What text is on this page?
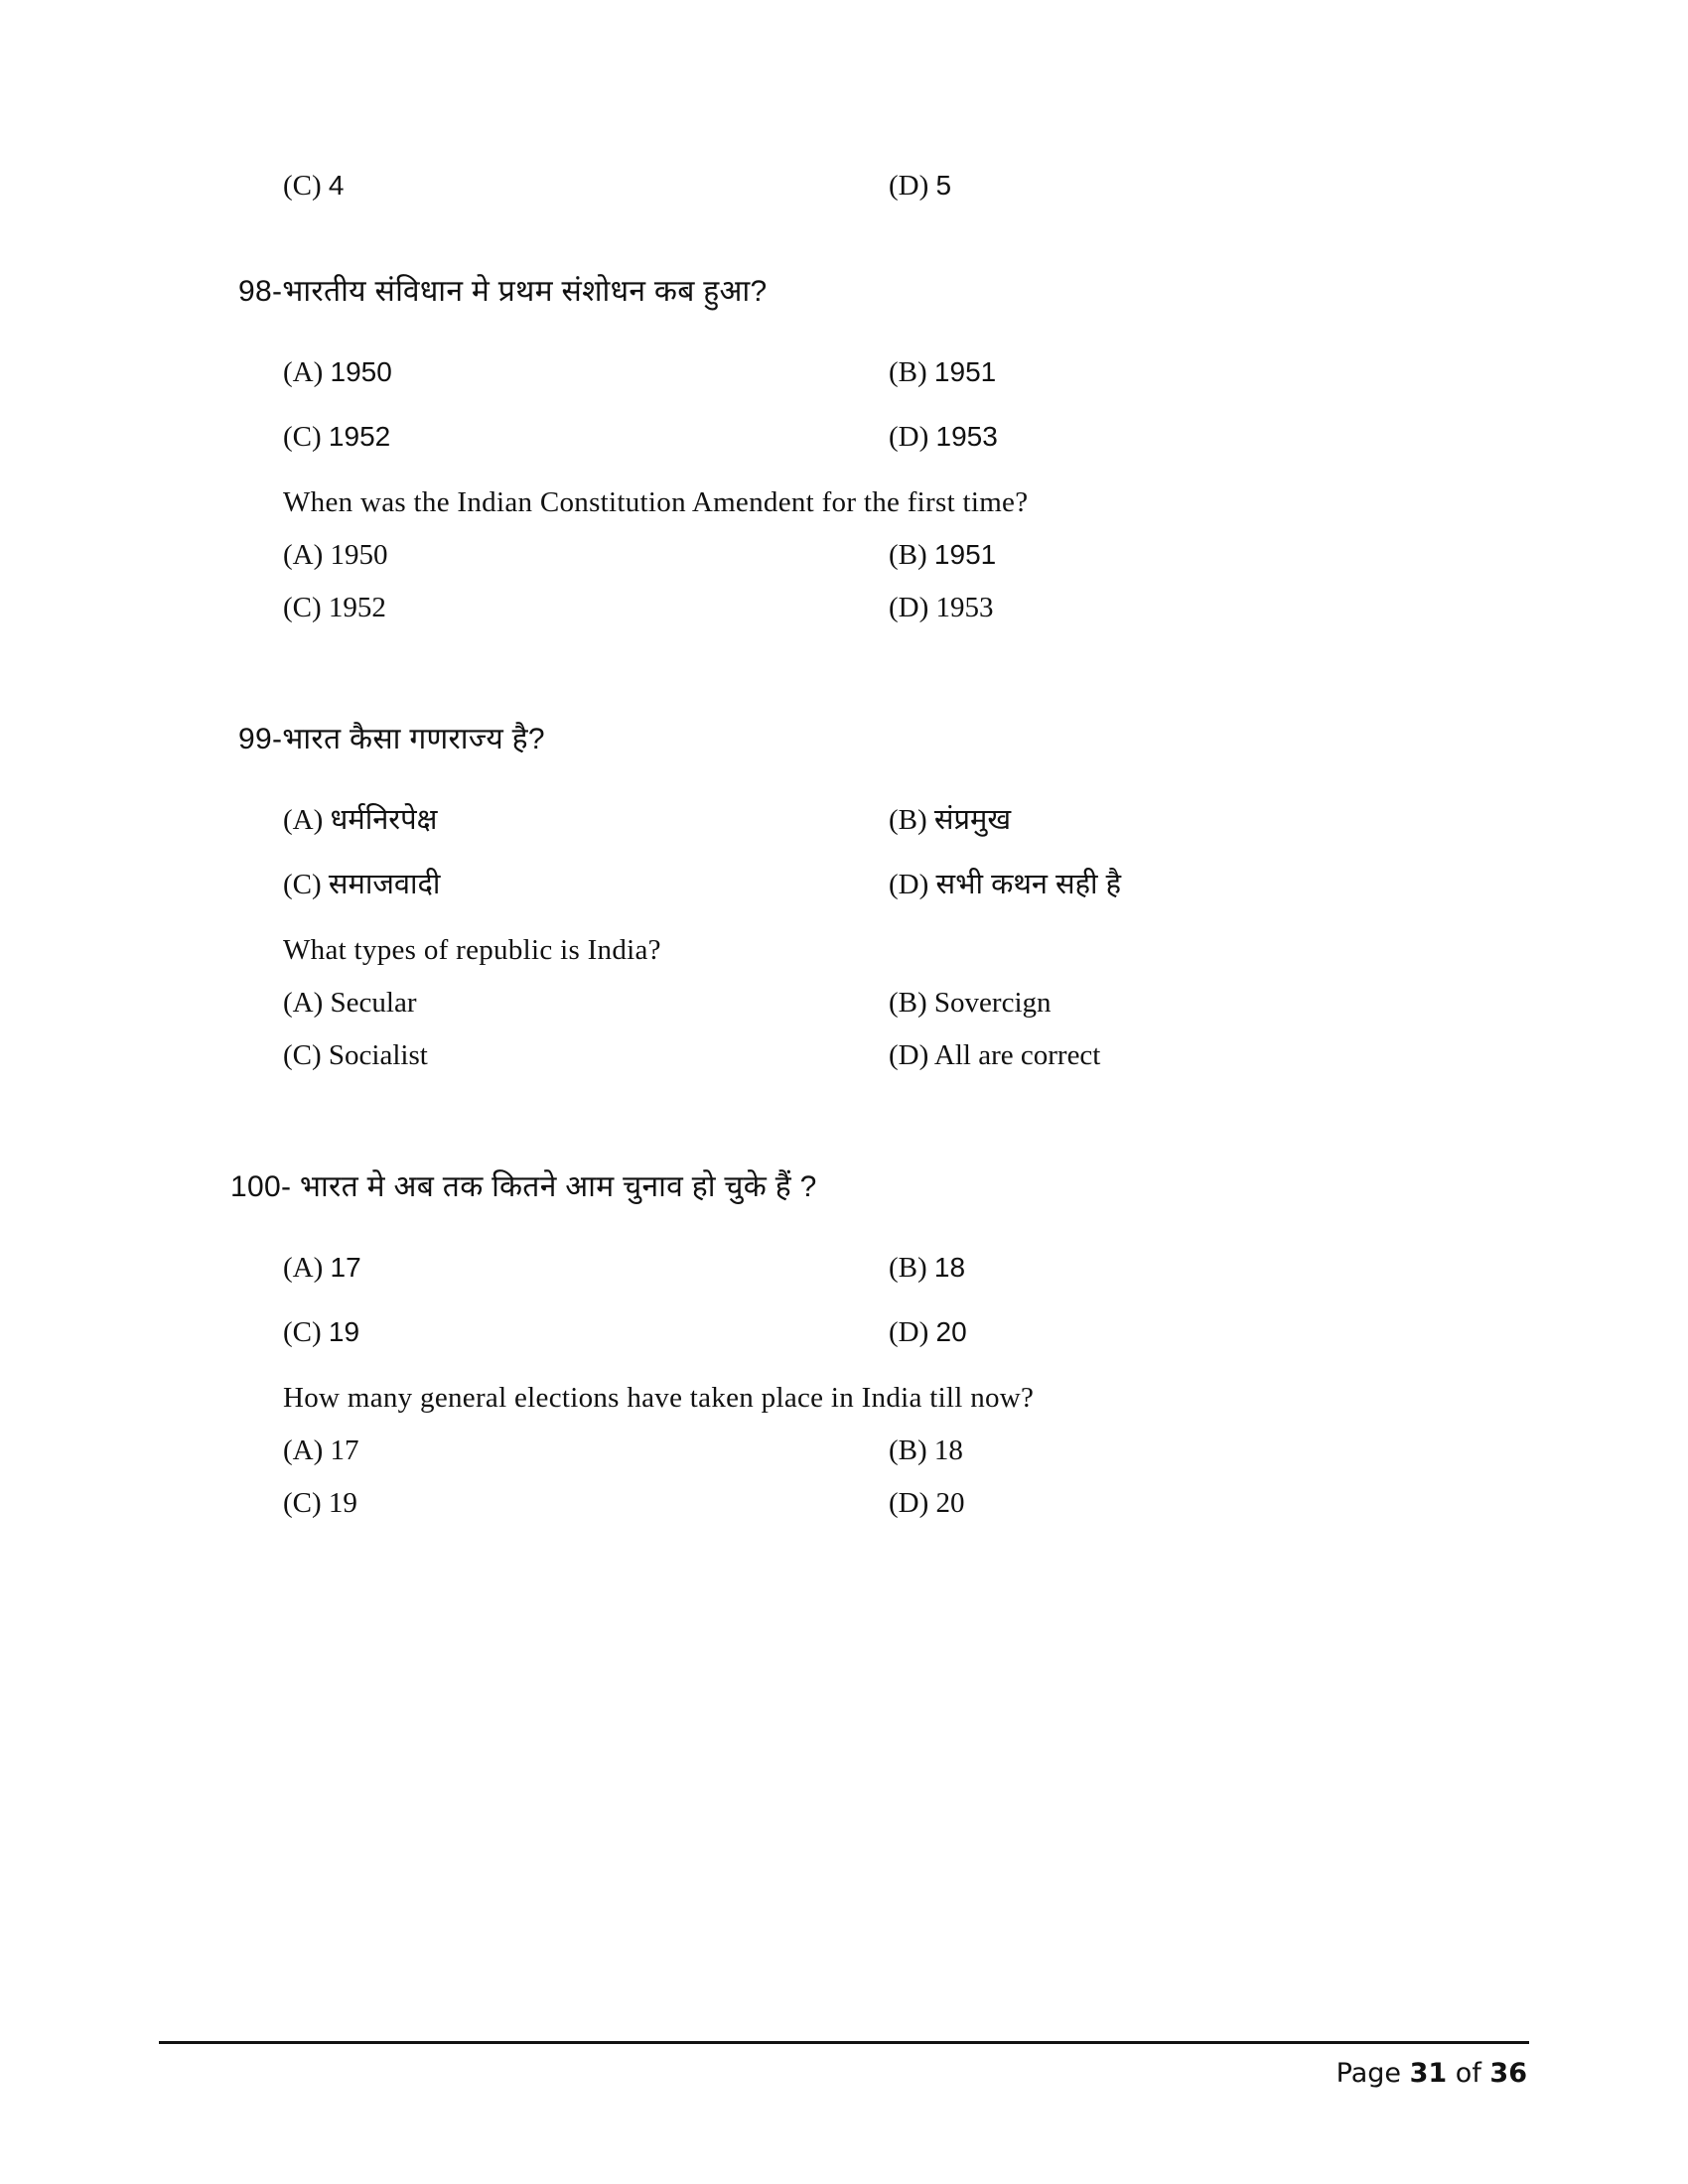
(C) 4	(D) 5
98-भारतीय संविधान मे प्रथम संशोधन कब हुआ?
(A) 1950	(B) 1951
(C) 1952	(D) 1953
When was the Indian Constitution Amendent for the first time?
(A) 1950	(B) 1951
(C) 1952	(D) 1953
99-भारत कैसा गणराज्य है?
(A) धर्मनिरपेक्ष	(B) संप्रमुख
(C) समाजवादी	(D) सभी कथन सही है
What types of republic is India?
(A) Secular	(B) Sovercign
(C) Socialist	(D) All are correct
100- भारत मे अब तक कितने आम चुनाव हो चुके हैं ?
(A) 17	(B) 18
(C) 19	(D) 20
How many general elections have taken place in India till now?
(A) 17	(B) 18
(C) 19	(D) 20
Page 31 of 36
